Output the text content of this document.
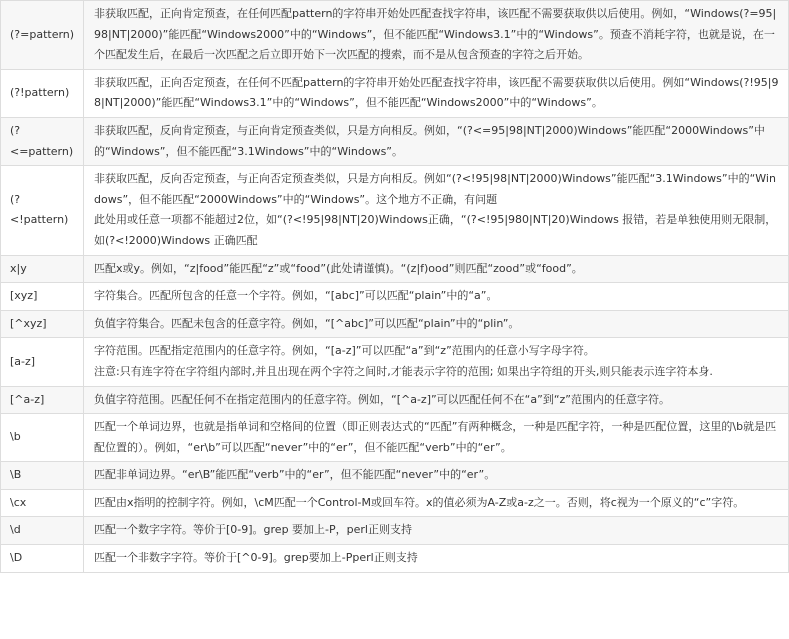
(?=pattern)	非获取匹配，正向肯定预查，在任何匹配pattern的字符串开始处匹配查找字符串，该匹配不需要获取供以后使用。例如，“Windows(?=95|98|NT|2000)”能匹配“Windows2000”中的“Windows”，但不能匹配“Windows3.1”中的“Windows”。预查不消耗字符，也就是说，在一个匹配发生后，在最后一次匹配之后立即开始下一次匹配的搜索，而不是从包含预查的字符之后开始。

(?!pattern)	非获取匹配，正向否定预查，在任何不匹配pattern的字符串开始处匹配查找字符串，该匹配不需要获取供以后使用。例如“Windows(?!95|98|NT|2000)”能匹配“Windows3.1”中的“Windows”，但不能匹配“Windows2000”中的“Windows”。

(?<=pattern)	非获取匹配，反向肯定预查，与正向肯定预查类似，只是方向相反。例如，“(?<=95|98|NT|2000)Windows”能匹配“2000Windows”中的“Windows”，但不能匹配“3.1Windows”中的“Windows”。

(?<!pattern)	非获取匹配，反向否定预查，与正向否定预查类似，只是方向相反。例如“(?<!95|98|NT|2000)Windows”能匹配“3.1Windows”中的“Windows”，但不能匹配“2000Windows”中的“Windows”。这个地方不正确，有问题
此处用或任意一项都不能超过2位，如“(?<!95|98|NT|20)Windows正确，“(?<!95|980|NT|20)Windows 报错，若是单独使用则无限制，如(?<!2000)Windows 正确匹配

x|y	匹配x或y。例如，“z|food”能匹配“z”或“food”(此处请谨慎)。“(z|f)ood”则匹配“zood”或“food”。

[xyz]	字符集合。匹配所包含的任意一个字符。例如，“[abc]”可以匹配“plain”中的“a”。

[^xyz]	负值字符集合。匹配未包含的任意字符。例如，“[^abc]”可以匹配“plain”中的“plin”。

[a-z]	字符范围。匹配指定范围内的任意字符。例如，“[a-z]”可以匹配“a”到“z”范围内的任意小写字母字符。
注意:只有连字符在字符组内部时,并且出现在两个字符之间时,才能表示字符的范围; 如果出字符组的开头,则只能表示连字符本身.

[^a-z]	负值字符范围。匹配任何不在指定范围内的任意字符。例如，“[^a-z]”可以匹配任何不在“a”到“z”范围内的任意字符。

\b	匹配一个单词边界，也就是指单词和空格间的位置（即正则表达式的“匹配”有两种概念，一种是匹配字符，一种是匹配位置，这里的\b就是匹配位置的）。例如，“er\b”可以匹配“never”中的“er”，但不能匹配“verb”中的“er”。

\B	匹配非单词边界。“er\B”能匹配“verb”中的“er”，但不能匹配“never”中的“er”。

\cx	匹配由x指明的控制字符。例如，\cM匹配一个Control-M或回车符。x的值必须为A-Z或a-z之一。否则，将c视为一个原义的“c”字符。

\d	匹配一个数字字符。等价于[0-9]。grep 要加上-P，perl正则支持

\D	匹配一个非数字字符。等价于[^0-9]。grep要加上-Pperl正则支持
